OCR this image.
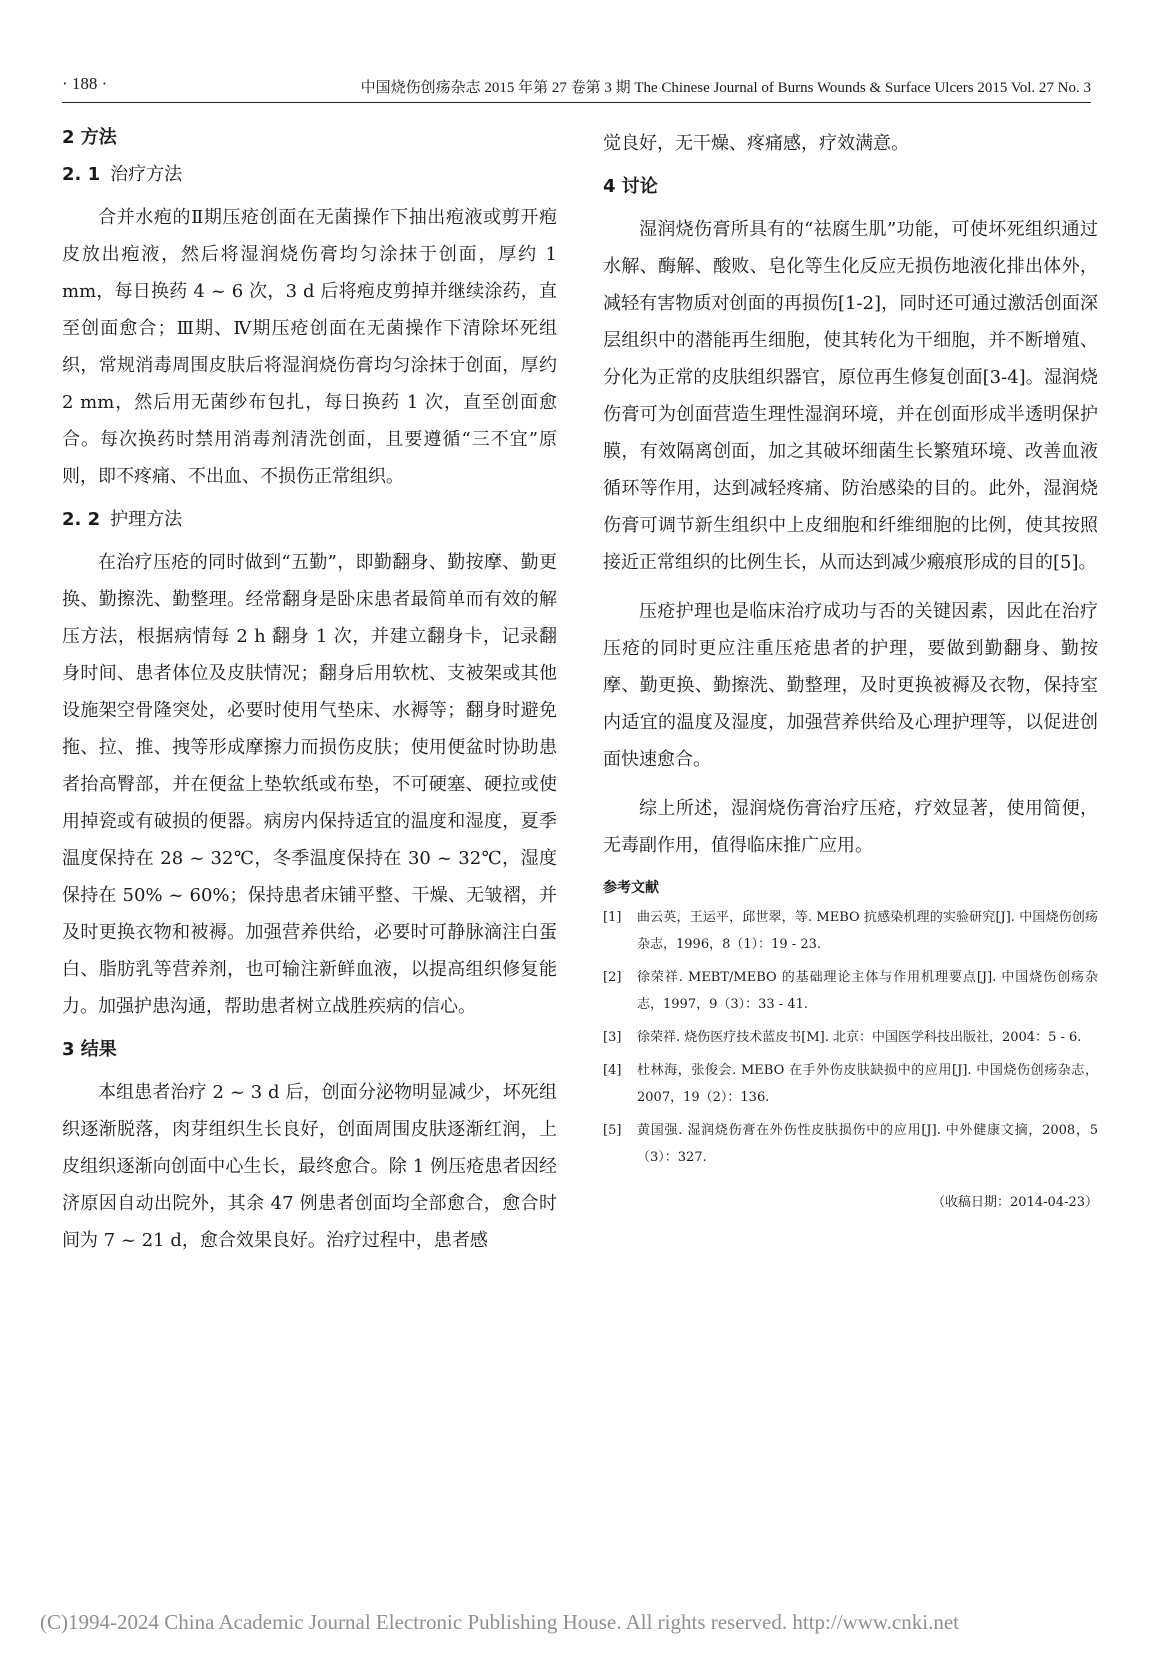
· 188 ·	中国烧伤创疡杂志 2015 年第 27 卷第 3 期 The Chinese Journal of Burns Wounds & Surface Ulcers 2015 Vol. 27 No. 3
2 方法
2. 1 治疗方法

合并水疱的Ⅱ期压疮创面在无菌操作下抽出疱液或剪开疱皮放出疱液，然后将湿润烧伤膏均匀涂抹于创面，厚约 1 mm，每日换药 4 ~ 6 次，3 d 后将疱皮剪掉并继续涂药，直至创面愈合；Ⅲ期、Ⅳ期压疮创面在无菌操作下清除坏死组织，常规消毒周围皮肤后将湿润烧伤膏均匀涂抹于创面，厚约 2 mm，然后用无菌纱布包扎，每日换药 1 次，直至创面愈合。每次换药时禁用消毒剂清洗创面，且要遵循“三不宜”原则，即不疼痛、不出血、不损伤正常组织。

2. 2 护理方法

在治疗压疮的同时做到“五勤”，即勤翻身、勤按摩、勤更换、勤擦洗、勤整理。经常翻身是卧床患者最简单而有效的解压方法，根据病情每 2 h 翻身 1 次，并建立翻身卡，记录翻身时间、患者体位及皮肤情况；翻身后用软枕、支被架或其他设施架空骨隆突处，必要时使用气垫床、水褥等；翻身时避免拖、拉、推、拽等形成摩擦力而损伤皮肤；使用便盆时协助患者抬高臀部，并在便盆上垫软纸或布垫，不可硬塞、硬拉或使用掉瓷或有破损的便器。病房内保持适宜的温度和湿度，夏季温度保持在 28 ~ 32℃，冬季温度保持在 30 ~ 32℃，湿度保持在 50% ~ 60%；保持患者床铺平整、干燥、无皱褶，并及时更换衣物和被褥。加强营养供给，必要时可静脉滴注白蛋白、脂肪乳等营养剂，也可输注新鲜血液，以提高组织修复能力。加强护患沟通，帮助患者树立战胜疾病的信心。

3 结果

本组患者治疗 2 ~ 3 d 后，创面分泌物明显减少，坏死组织逐渐脱落，肉芽组织生长良好，创面周围皮肤逐渐红润，上皮组织逐渐向创面中心生长，最终愈合。除 1 例压疮患者因经济原因自动出院外，其余 47 例患者创面均全部愈合，愈合时间为 7 ~ 21 d，愈合效果良好。治疗过程中，患者感

觉良好，无干燥、疼痛感，疗效满意。

4 讨论

湿润烧伤膏所具有的“祛腐生肌”功能，可使坏死组织通过水解、酶解、酸败、皂化等生化反应无损伤地液化排出体外，减轻有害物质对创面的再损伤[1-2]，同时还可通过激活创面深层组织中的潜能再生细胞，使其转化为干细胞，并不断增殖、分化为正常的皮肤组织器官，原位再生修复创面[3-4]。湿润烧伤膏可为创面营造生理性湿润环境，并在创面形成半透明保护膜，有效隔离创面，加之其破坏细菌生长繁殖环境、改善血液循环等作用，达到减轻疼痛、防治感染的目的。此外，湿润烧伤膏可调节新生组织中上皮细胞和纤维细胞的比例，使其按照接近正常组织的比例生长，从而达到减少瘢痕形成的目的[5]。

压疮护理也是临床治疗成功与否的关键因素，因此在治疗压疮的同时更应注重压疮患者的护理，要做到勤翻身、勤按摩、勤更换、勤擦洗、勤整理，及时更换被褥及衣物，保持室内适宜的温度及湿度，加强营养供给及心理护理等，以促进创面快速愈合。

综上所述，湿润烧伤膏治疗压疮，疗效显著，使用简便，无毒副作用，值得临床推广应用。

参考文献
[1]	曲云英，王运平，邱世翠，等. MEBO 抗感染机理的实验研究[J]. 中国烧伤创疡杂志，1996，8（1）：19 - 23.
[2]	徐荣祥. MEBT/MEBO 的基础理论主体与作用机理要点[J]. 中国烧伤创疡杂志，1997，9（3）：33 - 41.
[3]	徐荣祥. 烧伤医疗技术蓝皮书[M]. 北京：中国医学科技出版社，2004：5 - 6.
[4]	杜林海，张俊会. MEBO 在手外伤皮肤缺损中的应用[J]. 中国烧伤创疡杂志，2007，19（2）：136.
[5]	黄国强. 湿润烧伤膏在外伤性皮肤损伤中的应用[J]. 中外健康文摘，2008，5（3）：327.
（收稿日期：2014-04-23）
(C)1994-2024 China Academic Journal Electronic Publishing House. All rights reserved. http://www.cnki.net
